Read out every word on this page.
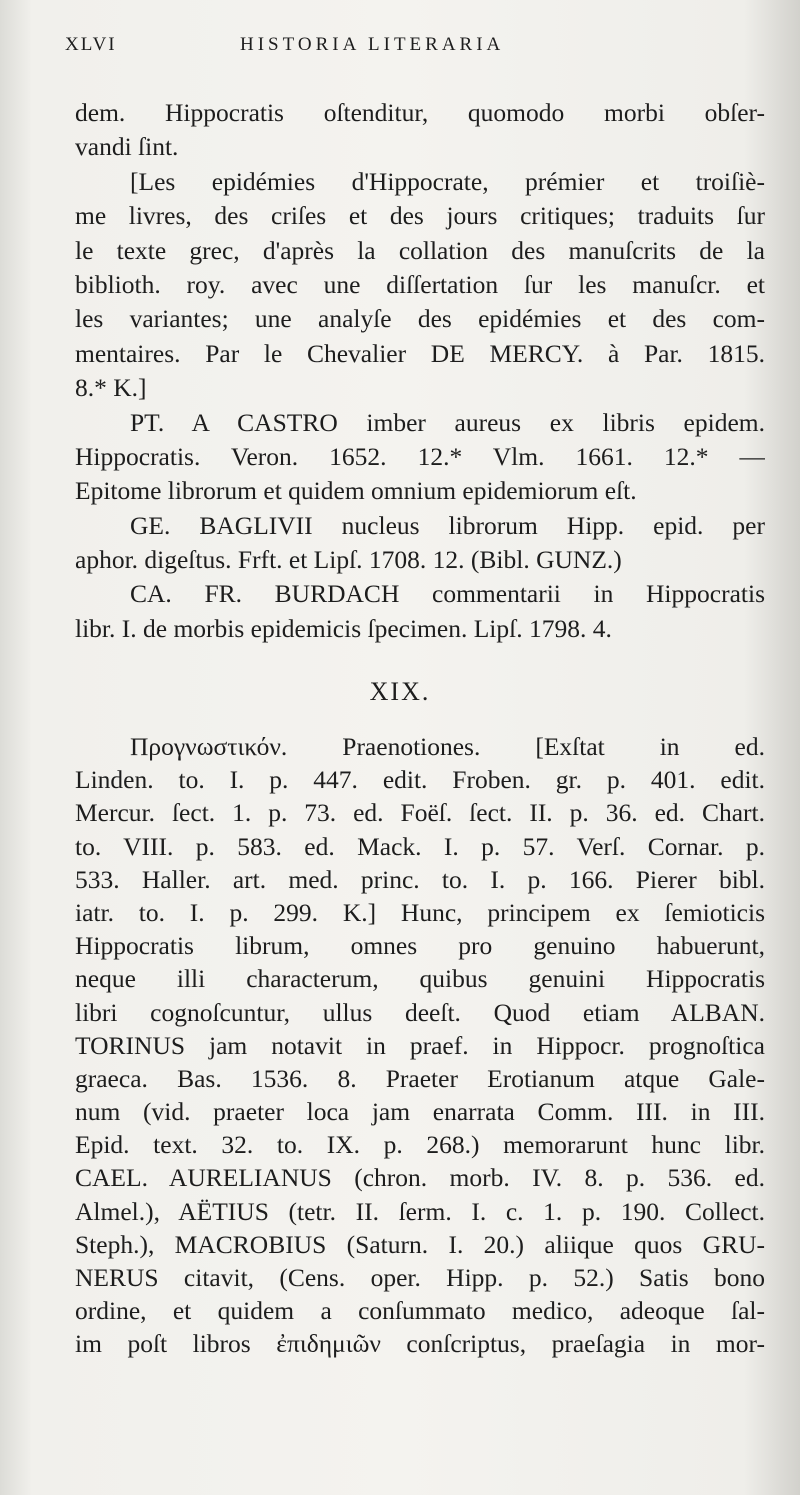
XLVI	HISTORIA LITERARIA
dem. Hippocratis oſtenditur, quomodo morbi obſer-
vandi ſint.
[Les epidémies d'Hippocrate, prémier et troiſiè-
me livres, des criſes et des jours critiques; traduits ſur
le texte grec, d'après la collation des manuſcrits de la
biblioth. roy. avec une diſſertation ſur les manuſcr. et
les variantes; une analyſe des epidémies et des com-
mentaires. Par le Chevalier DE MERCY. à Par. 1815.
8.* K.]
PT. A CASTRO imber aureus ex libris epidem.
Hippocratis. Veron. 1652. 12.* Vlm. 1661. 12.* —
Epitome librorum et quidem omnium epidemiorum eſt.
GE. BAGLIVII nucleus librorum Hipp. epid. per
aphor. digeſtus. Frft. et Lipſ. 1708. 12. (Bibl. GUNZ.)
CA. FR. BURDACH commentarii in Hippocratis
libr. I. de morbis epidemicis ſpecimen. Lipſ. 1798. 4.
XIX.
Προγνωστικόν. Praenotiones. [Exſtat in ed.
Linden. to. I. p. 447. edit. Froben. gr. p. 401. edit.
Mercur. ſect. 1. p. 73. ed. Foëſ. ſect. II. p. 36. ed. Chart.
to. VIII. p. 583. ed. Mack. I. p. 57. Verſ. Cornar. p.
533. Haller. art. med. princ. to. I. p. 166. Pierer bibl.
iatr. to. I. p. 299. K.] Hunc, principem ex ſemioticis
Hippocratis librum, omnes pro genuino habuerunt,
neque illi characterum, quibus genuini Hippocratis
libri cognoſcuntur, ullus deeſt. Quod etiam ALBAN.
TORINUS jam notavit in praef. in Hippocr. prognoſtica
graeca. Bas. 1536. 8. Praeter Erotianum atque Gale-
num (vid. praeter loca jam enarrata Comm. III. in III.
Epid. text. 32. to. IX. p. 268.) memorarunt hunc libr.
CAEL. AURELIANUS (chron. morb. IV. 8. p. 536. ed.
Almel.), AËTIUS (tetr. II. ſerm. I. c. 1. p. 190. Collect.
Steph.), MACROBIUS (Saturn. I. 20.) aliique quos GRU-
NERUS citavit, (Cens. oper. Hipp. p. 52.) Satis bono
ordine, et quidem a conſummato medico, adeoque ſal-
im poſt libros ἐπιδημιῶν conſcriptus, praeſagia in mor-
